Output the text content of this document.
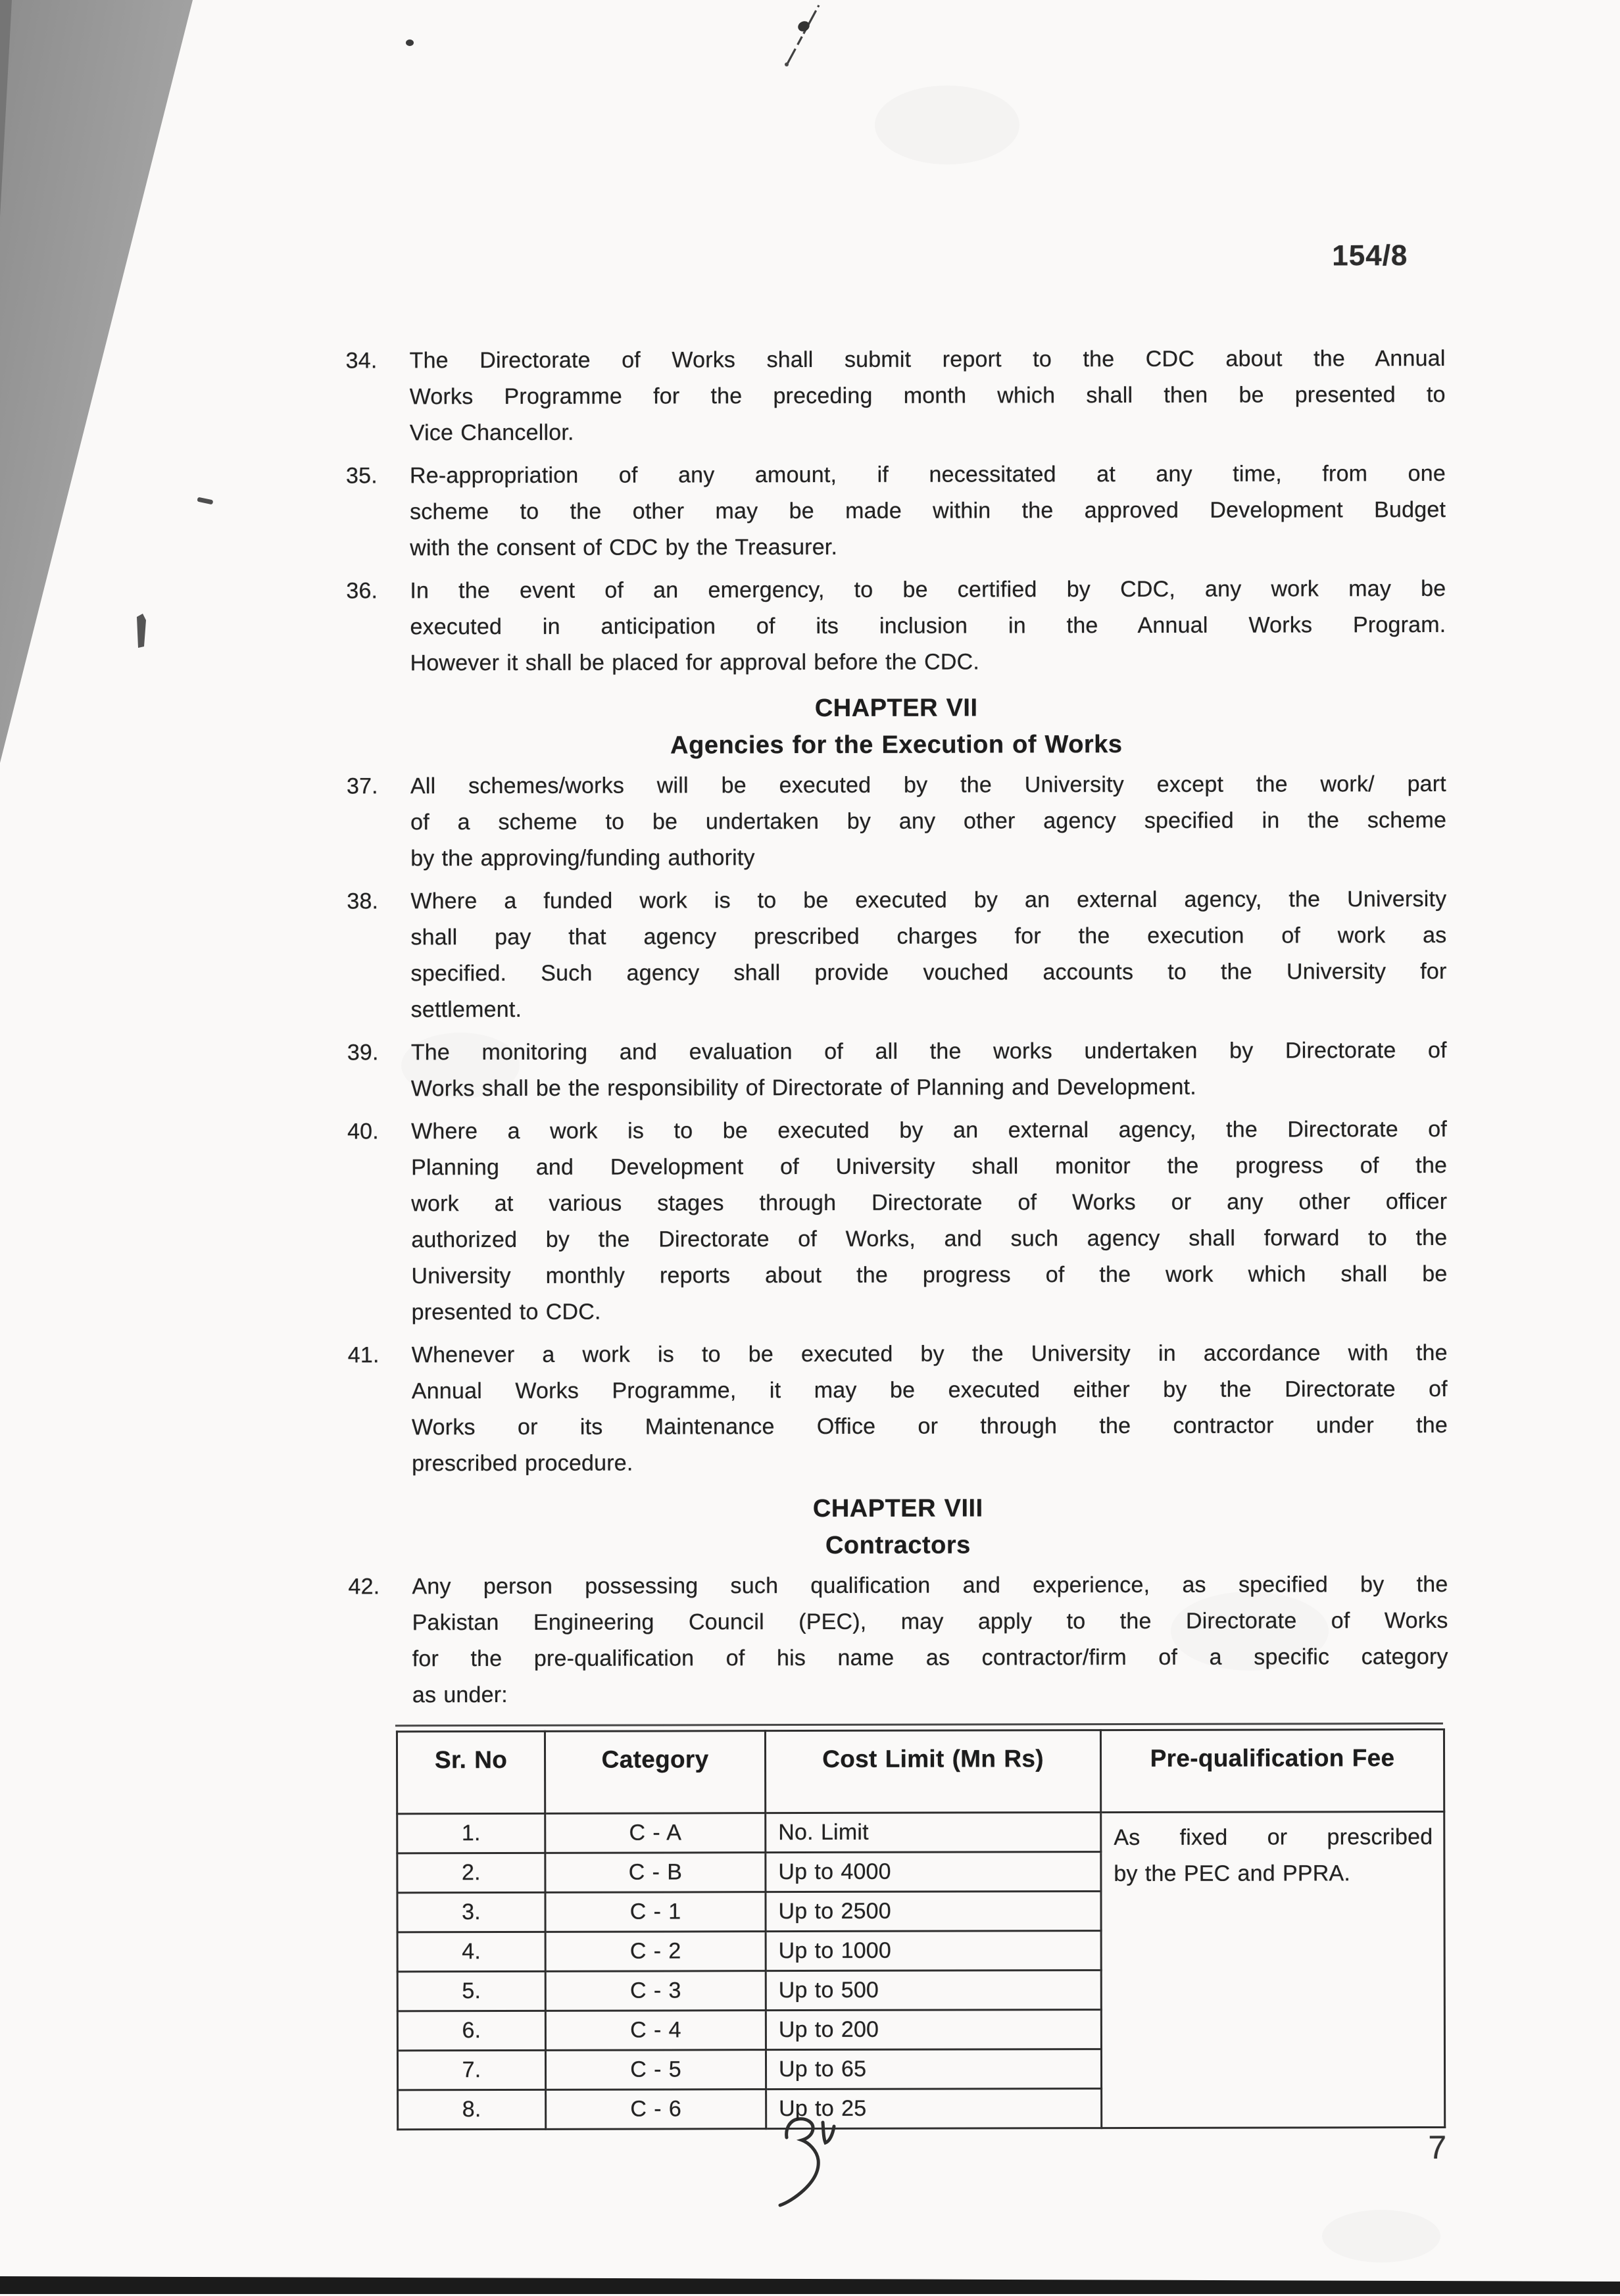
154/8
34.	The Directorate of Works shall submit report to the CDC about the Annual
Works Programme for the preceding month which shall then be presented to
Vice Chancellor.
35.	Re-appropriation of any amount, if necessitated at any time, from one
scheme to the other may be made within the approved Development Budget
with the consent of CDC by the Treasurer.
36.	In the event of an emergency, to be certified by CDC, any work may be
executed in anticipation of its inclusion in the Annual Works Program.
However it shall be placed for approval before the CDC.
CHAPTER VII
Agencies for the Execution of Works
37.	All schemes/works will be executed by the University except the work/ part
of a scheme to be undertaken by any other agency specified in the scheme
by the approving/funding authority
38.	Where a funded work is to be executed by an external agency, the University
shall pay that agency prescribed charges for the execution of work as
specified. Such agency shall provide vouched accounts to the University for
settlement.
39.	The monitoring and evaluation of all the works undertaken by Directorate of
Works shall be the responsibility of Directorate of Planning and Development.
40.	Where a work is to be executed by an external agency, the Directorate of
Planning and Development of University shall monitor the progress of the
work at various stages through Directorate of Works or any other officer
authorized by the Directorate of Works, and such agency shall forward to the
University monthly reports about the progress of the work which shall be
presented to CDC.
41.	Whenever a work is to be executed by the University in accordance with the
Annual Works Programme, it may be executed either by the Directorate of
Works or its Maintenance Office or through the contractor under the
prescribed procedure.
CHAPTER VIII
Contractors
42.	Any person possessing such qualification and experience, as specified by the
Pakistan Engineering Council (PEC), may apply to the Directorate of Works
for the pre-qualification of his name as contractor/firm of a specific category
as under:
Sr. No	Category	Cost Limit (Mn Rs)	Pre-qualification Fee
1.	C - A	No. Limit	As fixed or prescribed
by the PEC and PPRA.

2.	C - B	Up to 4000	
3.	C - 1	Up to 2500	
4.	C - 2	Up to 1000	
5.	C - 3	Up to 500	
6.	C - 4	Up to 200	
7.	C - 5	Up to 65	
8.	C - 6	Up to 25	
7
